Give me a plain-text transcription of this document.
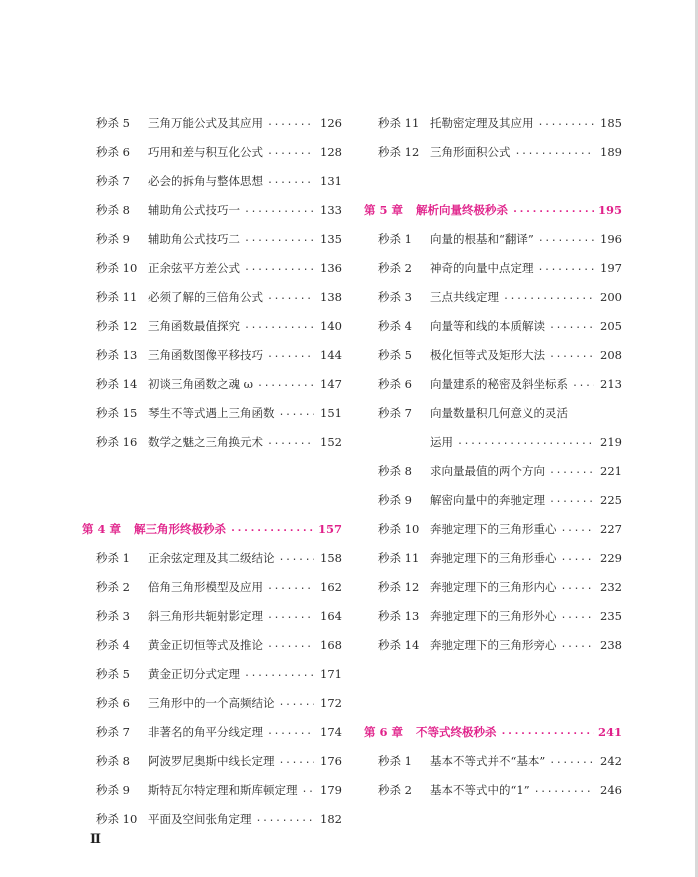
秒杀 5	三角万能公式及其应用 .....	126
秒杀 6	巧用和差与积互化公式 .....	128
秒杀 7	必会的拆角与整体思想 .....	131
秒杀 8	辅助角公式技巧一 .....	133
秒杀 9	辅助角公式技巧二 .....	135
秒杀 10 正余弦平方差公式 .....	136
秒杀 11 必须了解的三倍角公式 .....	138
秒杀 12 三角函数最值探究 .....	140
秒杀 13 三角函数图像平移技巧 .....	144
秒杀 14 初谈三角函数之魂 ω .....	147
秒杀 15 琴生不等式遇上三角函数 .....	151
秒杀 16 数学之魅之三角换元术 .....	152
第 4 章	解三角形终极秒杀 .....	157
秒杀 1	正余弦定理及其二级结论 .....	158
秒杀 2	倍角三角形模型及应用 .....	162
秒杀 3	斜三角形共轭射影定理 .....	164
秒杀 4	黄金正切恒等式及推论 .....	168
秒杀 5	黄金正切分式定理 .....	171
秒杀 6	三角形中的一个高频结论 .....	172
秒杀 7	非著名的角平分线定理 .....	174
秒杀 8	阿波罗尼奥斯中线长定理 .....	176
秒杀 9	斯特瓦尔特定理和斯库顿定理 ..... 179
秒杀 10 平面及空间张角定理 .....	182
秒杀 11 托勒密定理及其应用 .....	185
秒杀 12 三角形面积公式 .....	189
第 5 章	解析向量终极秒杀 .....	195
秒杀 1	向量的根基和“翻译” .....	196
秒杀 2	神奇的向量中点定理 .....	197
秒杀 3	三点共线定理 .....	200
秒杀 4	向量等和线的本质解读 .....	205
秒杀 5	极化恒等式及矩形大法 .....	208
秒杀 6	向量建系的秘密及斜坐标系 .....	213
秒杀 7	向量数量积几何意义的灵活
运用 .....	219
秒杀 8	求向量最值的两个方向 .....	221
秒杀 9	解密向量中的奔驰定理 .....	225
秒杀 10 奔驰定理下的三角形重心 .....	227
秒杀 11 奔驰定理下的三角形垂心 .....	229
秒杀 12 奔驰定理下的三角形内心 .....	232
秒杀 13 奔驰定理下的三角形外心 .....	235
秒杀 14 奔驰定理下的三角形旁心 .....	238
第 6 章	不等式终极秒杀 .....	241
秒杀 1	基本不等式并不“基本” .....	242
秒杀 2	基本不等式中的“1” .....	246
Ⅱ
